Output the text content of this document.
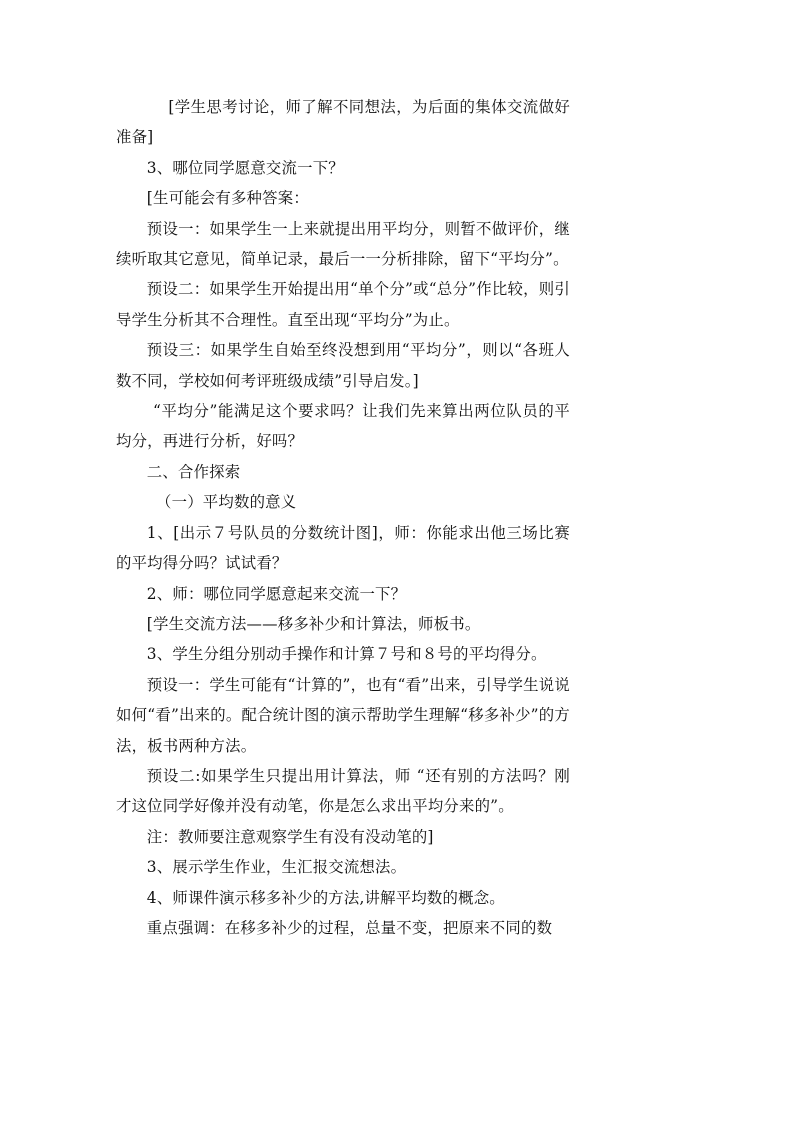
[学生思考讨论，师了解不同想法，为后面的集体交流做好准备]

3、哪位同学愿意交流一下？

[生可能会有多种答案：

预设一：如果学生一上来就提出用平均分，则暂不做评价，继续听取其它意见，简单记录，最后一一分析排除，留下“平均分”。

预设二：如果学生开始提出用“单个分”或“总分”作比较，则引导学生分析其不合理性。直至出现“平均分”为止。

预设三：如果学生自始至终没想到用“平均分”，则以“各班人数不同，学校如何考评班级成绩”引导启发。]

“平均分”能满足这个要求吗？让我们先来算出两位队员的平均分，再进行分析，好吗？

二、合作探索

（一）平均数的意义

1、[出示７号队员的分数统计图]，师：你能求出他三场比赛的平均得分吗？试试看？

2、师：哪位同学愿意起来交流一下？

[学生交流方法——移多补少和计算法，师板书。

3、学生分组分别动手操作和计算７号和８号的平均得分。

预设一：学生可能有“计算的”，也有“看”出来，引导学生说说如何“看”出来的。配合统计图的演示帮助学生理解“移多补少”的方法，板书两种方法。

预设二:如果学生只提出用计算法，师 “还有别的方法吗？刚才这位同学好像并没有动笔，你是怎么求出平均分来的”。

注：教师要注意观察学生有没有没动笔的]

3、展示学生作业，生汇报交流想法。

4、师课件演示移多补少的方法,讲解平均数的概念。

重点强调：在移多补少的过程，总量不变，把原来不同的数
